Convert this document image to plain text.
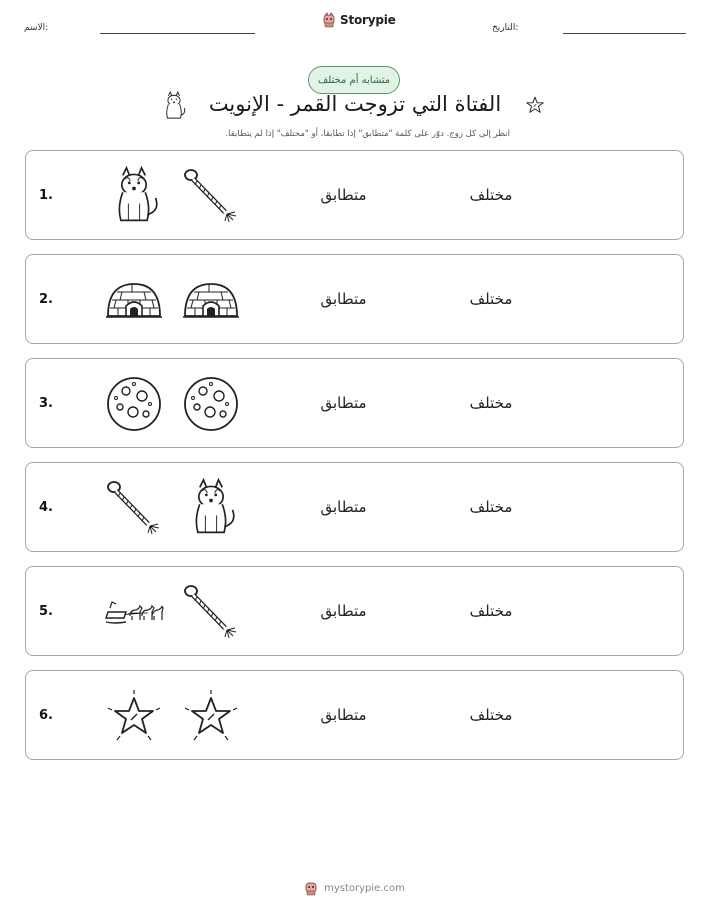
الاسم:
Storypie
التاريخ:
متشابه أم مختلف
الفتاة التي تزوجت القمر - الإنويت
انظر إلى كل زوج. دوّر على كلمة "متطابق" إذا تطابقا، أو "مختلف" إذا لم يتطابقا.
1.	متطابق	مختلف
2.	متطابق	مختلف
3.	متطابق	مختلف
4.	متطابق	مختلف
5.	متطابق	مختلف
6.	متطابق	مختلف
mystorypie.com
